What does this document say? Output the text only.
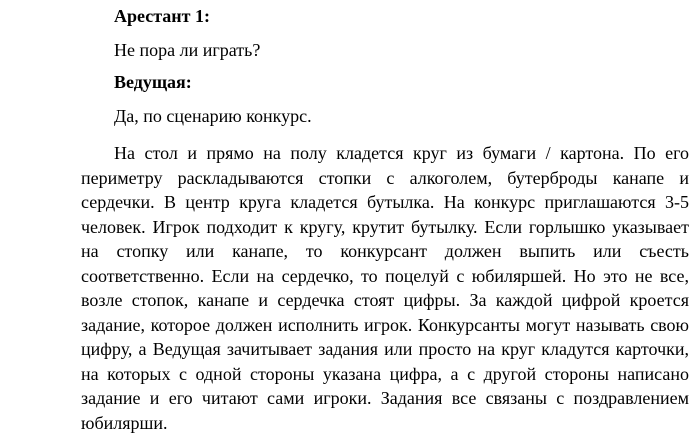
Арестант 1:
Не пора ли играть?
Ведущая:
Да, по сценарию конкурс.
На стол и прямо на полу кладется круг из бумаги / картона. По его
периметру раскладываются стопки с алкоголем, бутерброды канапе и
сердечки. В центр круга кладется бутылка. На конкурс приглашаются 3-5
человек. Игрок подходит к кругу, крутит бутылку. Если горлышко указывает
на стопку или канапе, то конкурсант должен выпить или съесть
соответственно. Если на сердечко, то поцелуй с юбиляршей. Но это не все,
возле стопок, канапе и сердечка стоят цифры. За каждой цифрой кроется
задание, которое должен исполнить игрок. Конкурсанты могут называть свою
цифру, а Ведущая зачитывает задания или просто на круг кладутся карточки,
на которых с одной стороны указана цифра, а с другой стороны написано
задание и его читают сами игроки. Задания все связаны с поздравлением
юбилярши.
